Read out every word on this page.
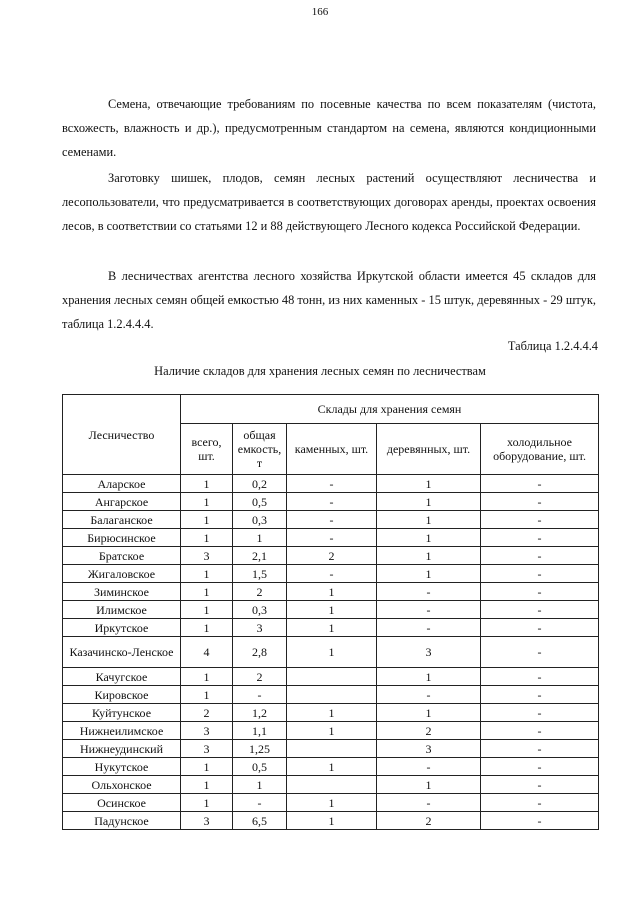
166

Семена, отвечающие требованиям по посевные качества по всем показателям (чистота, всхожесть, влажность и др.), предусмотренным стандартом на семена, являются кондиционными семенами.

Заготовку шишек, плодов, семян лесных растений осуществляют лесничества и лесопользователи, что предусматривается в соответствующих договорах аренды, проектах освоения лесов, в соответствии со статьями 12 и 88 действующего Лесного кодекса Российской Федерации.

В лесничествах агентства лесного хозяйства Иркутской области имеется 45 складов для хранения лесных семян общей емкостью 48 тонн, из них каменных - 15 штук, деревянных - 29 штук, таблица 1.2.4.4.4.

Таблица 1.2.4.4.4
Наличие складов для хранения лесных семян по лесничествам
Лесничество	Склады для хранения семян				
	всего, шт.	общая емкость, т	каменных, шт.	деревянных, шт.	холодильное оборудование, шт.
Аларское	1	0,2	-	1	-
Ангарское	1	0,5	-	1	-
Балаганское	1	0,3	-	1	-
Бирюсинское	1	1	-	1	-
Братское	3	2,1	2	1	-
Жигаловское	1	1,5	-	1	-
Зиминское	1	2	1	-	-
Илимское	1	0,3	1	-	-
Иркутское	1	3	1	-	-
Казачинско-Ленское	4	2,8	1	3	-
Качугское	1	2		1	-
Кировское	1	-		-	-
Куйтунское	2	1,2	1	1	-
Нижнеилимское	3	1,1	1	2	-
Нижнеудинский	3	1,25		3	-
Нукутское	1	0,5	1	-	-
Ольхонское	1	1		1	-
Осинское	1	-	1	-	-
Падунское	3	6,5	1	2	-
